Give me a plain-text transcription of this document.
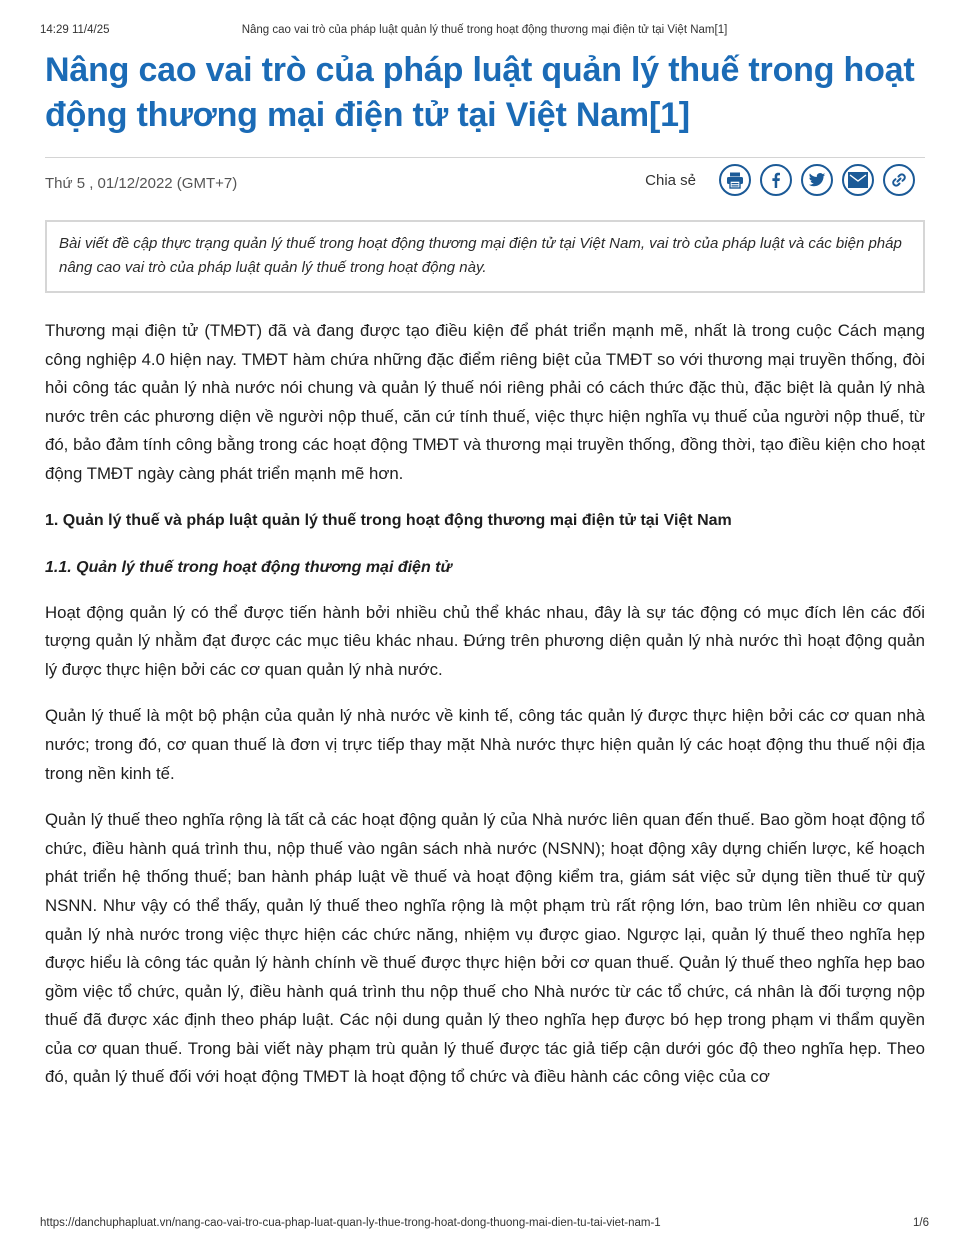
14:29 11/4/25	Nâng cao vai trò của pháp luật quản lý thuế trong hoạt động thương mại điện tử tại Việt Nam[1]
Nâng cao vai trò của pháp luật quản lý thuế trong hoạt động thương mại điện tử tại Việt Nam[1]
Thứ 5 , 01/12/2022 (GMT+7)	Chia sẻ
Bài viết đề cập thực trạng quản lý thuế trong hoạt động thương mại điện tử tại Việt Nam, vai trò của pháp luật và các biện pháp nâng cao vai trò của pháp luật quản lý thuế trong hoạt động này.

Thương mại điện tử (TMĐT) đã và đang được tạo điều kiện để phát triển mạnh mẽ, nhất là trong cuộc Cách mạng công nghiệp 4.0 hiện nay. TMĐT hàm chứa những đặc điểm riêng biệt của TMĐT so với thương mại truyền thống, đòi hỏi công tác quản lý nhà nước nói chung và quản lý thuế nói riêng phải có cách thức đặc thù, đặc biệt là quản lý nhà nước trên các phương diện về người nộp thuế, căn cứ tính thuế, việc thực hiện nghĩa vụ thuế của người nộp thuế, từ đó, bảo đảm tính công bằng trong các hoạt động TMĐT và thương mại truyền thống, đồng thời, tạo điều kiện cho hoạt động TMĐT ngày càng phát triển mạnh mẽ hơn.

1. Quản lý thuế và pháp luật quản lý thuế trong hoạt động thương mại điện tử tại Việt Nam
1.1. Quản lý thuế trong hoạt động thương mại điện tử

Hoạt động quản lý có thể được tiến hành bởi nhiều chủ thể khác nhau, đây là sự tác động có mục đích lên các đối tượng quản lý nhằm đạt được các mục tiêu khác nhau. Đứng trên phương diện quản lý nhà nước thì hoạt động quản lý được thực hiện bởi các cơ quan quản lý nhà nước.

Quản lý thuế là một bộ phận của quản lý nhà nước về kinh tế, công tác quản lý được thực hiện bởi các cơ quan nhà nước; trong đó, cơ quan thuế là đơn vị trực tiếp thay mặt Nhà nước thực hiện quản lý các hoạt động thu thuế nội địa trong nền kinh tế.

Quản lý thuế theo nghĩa rộng là tất cả các hoạt động quản lý của Nhà nước liên quan đến thuế. Bao gồm hoạt động tổ chức, điều hành quá trình thu, nộp thuế vào ngân sách nhà nước (NSNN); hoạt động xây dựng chiến lược, kế hoạch phát triển hệ thống thuế; ban hành pháp luật về thuế và hoạt động kiểm tra, giám sát việc sử dụng tiền thuế từ quỹ NSNN. Như vậy có thể thấy, quản lý thuế theo nghĩa rộng là một phạm trù rất rộng lớn, bao trùm lên nhiều cơ quan quản lý nhà nước trong việc thực hiện các chức năng, nhiệm vụ được giao. Ngược lại, quản lý thuế theo nghĩa hẹp được hiểu là công tác quản lý hành chính về thuế được thực hiện bởi cơ quan thuế. Quản lý thuế theo nghĩa hẹp bao gồm việc tổ chức, quản lý, điều hành quá trình thu nộp thuế cho Nhà nước từ các tổ chức, cá nhân là đối tượng nộp thuế đã được xác định theo pháp luật. Các nội dung quản lý theo nghĩa hẹp được bó hẹp trong phạm vi thẩm quyền của cơ quan thuế. Trong bài viết này phạm trù quản lý thuế được tác giả tiếp cận dưới góc độ theo nghĩa hẹp. Theo đó, quản lý thuế đối với hoạt động TMĐT là hoạt động tổ chức và điều hành các công việc của cơ

https://danchuphapluat.vn/nang-cao-vai-tro-cua-phap-luat-quan-ly-thue-trong-hoat-dong-thuong-mai-dien-tu-tai-viet-nam-1	1/6
